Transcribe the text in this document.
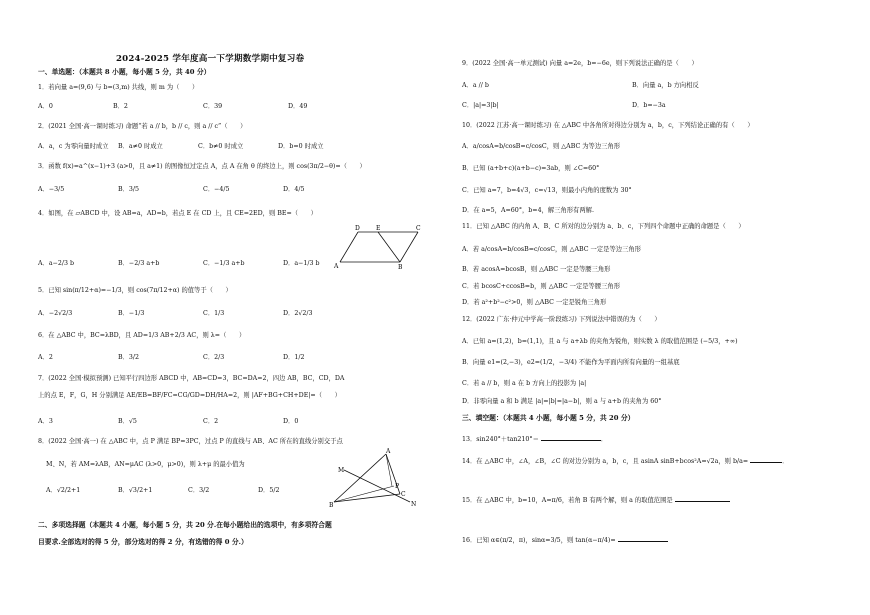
2024-2025 学年度高一下学期数学期中复习卷
一、单选题：（本题共 8 小题，每小题 5 分，共 40 分）
1．若向量 a=(9,6) 与 b=(3,m) 共线，则 m 为（　　）
A．0	B．2	C．39	D．49
2．(2021 全国·高一课时练习) 命题“若 a // b，b // c，则 a // c”（　　）
A．a，c 为零向量时成立 B．a≠0 时成立	C．b≠0 时成立	D．b=0 时成立
3．函数 f(x)=a^(x−1)+3 (a>0，且 a≠1) 的图像恒过定点 A，点 A 在角 θ 的终边上，则 cos(3π/2−θ)=（　　）
A．−3/5	B．3/5	C．−4/5	D．4/5
4．如图，在 ▱ABCD 中，设 AB=a，AD=b，若点 E 在 CD 上，且 CE=2ED，则 BE=（　　）
A．a−2/3 b	B．−2/3 a+b	C．−1/3 a+b	D．a−1/3 b
5．已知 sin(π/12+α)=−1/3，则 cos(7π/12+α) 的值等于（　　）
A．−2√2/3	B．−1/3	C．1/3	D．2√2/3
6．在 △ABC 中，BC=λBD，且 AD=1/3 AB+2/3 AC，则 λ=（　　）
A．2	B．3/2	C．2/3	D．1/2
7．(2022 全国·模拟预测) 已知平行四边形 ABCD 中，AB=CD=3，BC=DA=2，四边 AB，BC，CD，DA
上的点 E，F，G，H 分别满足 AE/EB=BF/FC=CG/GD=DH/HA=2，则 |AF+BG+CH+DE|=（　　）
A．3	B．√5	C．2	D．0
8．(2022 全国·高一) 在 △ABC 中，点 P 满足 BP=3PC，过点 P 的直线与 AB、AC 所在的直线分别交于点
M、N，若 AM=λAB，AN=μAC (λ>0，μ>0)，则 λ+μ 的最小值为
A．√2/2+1	B．√3/2+1	C．3/2	D．5/2
二、多项选择题（本题共 4 小题，每小题 5 分，共 20 分.在每小题给出的选项中，有多项符合题
目要求.全部选对的得 5 分，部分选对的得 2 分，有选错的得 0 分.）
D	E	C
A	B
A
M
B
P
C
N
9．(2022 全国·高一单元测试) 向量 a=2e，b=−6e，则下列说法正确的是（　　）
A．a // b	B．向量 a，b 方向相反
C．|a|=3|b|	D．b=−3a
10．(2022 江苏·高一课时练习) 在 △ABC 中各角所对得边分别为 a，b，c，下列结论正确的有（　　）
A．a/cosA=b/cosB=c/cosC，则 △ABC 为等边三角形
B．已知 (a+b+c)(a+b−c)=3ab，则 ∠C=60°
C．已知 a=7，b=4√3，c=√13，则最小内角的度数为 30°
D．在 a=5，A=60°，b=4，解三角形有两解.
11．已知 △ABC 的内角 A、B、C 所对的边分别为 a、b、c，下列四个命题中正确的命题是（　　）
A．若 a/cosA=b/cosB=c/cosC，则 △ABC 一定是等边三角形
B．若 acosA=bcosB，则 △ABC 一定是等腰三角形
C．若 bcosC+ccosB=b，则 △ABC 一定是等腰三角形
D．若 a²+b²−c²>0，则 △ABC 一定是锐角三角形
12．(2022 广东·仲元中学高一阶段练习) 下列说法中错误的为（　　）
A．已知 a=(1,2)，b=(1,1)，且 a 与 a+λb 的夹角为锐角，则实数 λ 的取值范围是 (−5/3，+∞)
B．向量 e1=(2,−3)，e2=(1/2，−3/4) 不能作为平面内所有向量的一组基底
C．若 a // b，则 a 在 b 方向上的投影为 |a|
D．非零向量 a 和 b 满足 |a|=|b|=|a−b|，则 a 与 a+b 的夹角为 60°
三、填空题：（本题共 4 小题，每小题 5 分，共 20 分）
13．sin240°＋tan210°＝	．
14．在 △ABC 中，∠A，∠B，∠C 的对边分别为 a，b，c，且 asinA sinB+bcos²A=√2a，则 b/a=	．
15．在 △ABC 中，b=10，A=π/6，若角 B 有两个解，则 a 的取值范围是
16．已知 α∈(π/2，π)，sinα=3/5，则 tan(α−π/4)=
